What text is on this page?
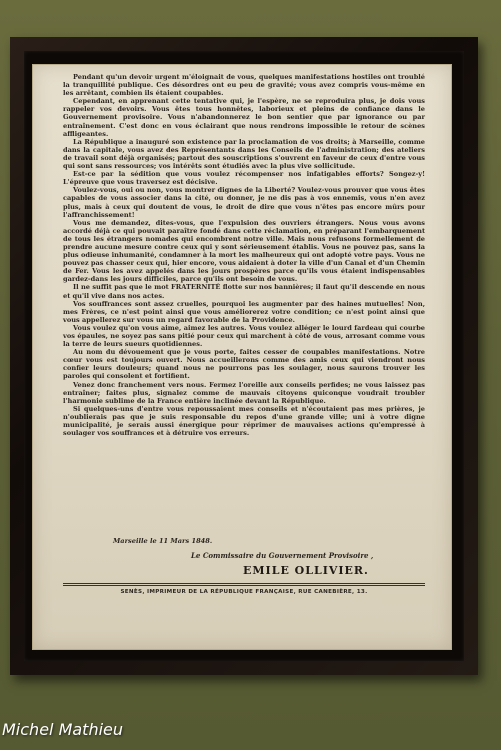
Pendant qu'un devoir urgent m'éloignait de vous, quelques manifestations hostiles ont troublé la tranquillité publique. Ces désordres ont eu peu de gravité; vous avez compris vous-même en les arrêtant, combien ils étaient coupables.

Cependant, en apprenant cette tentative qui, je l'espère, ne se reproduira plus, je dois vous rappeler vos devoirs. Vous êtes tous honnêtes, laborieux et pleins de confiance dans le Gouvernement provisoire. Vous n'abandonnerez le bon sentier que par ignorance ou par entraînement. C'est donc en vous éclairant que nous rendrons impossible le retour de scènes affligeantes.

La République a inauguré son existence par la proclamation de vos droits; à Marseille, comme dans la capitale, vous avez des Représentants dans les Conseils de l'administration; des ateliers de travail sont déjà organisés; partout des souscriptions s'ouvrent en faveur de ceux d'entre vous qui sont sans ressources; vos intérêts sont étudiés avec la plus vive sollicitude.

Est-ce par la sédition que vous voulez récompenser nos infatigables efforts? Songez-y! L'épreuve que vous traversez est décisive.

Voulez-vous, oui ou non, vous montrer dignes de la Liberté? Voulez-vous prouver que vous êtes capables de vous associer dans la cité, ou donner, je ne dis pas à vos ennemis, vous n'en avez plus, mais à ceux qui doutent de vous, le droit de dire que vous n'êtes pas encore mûrs pour l'affranchissement!

Vous me demandez, dites-vous, que l'expulsion des ouvriers étrangers. Nous vous avons accordé déjà ce qui pouvait paraître fondé dans cette réclamation, en préparant l'embarquement de tous les étrangers nomades qui encombrent notre ville. Mais nous refusons formellement de prendre aucune mesure contre ceux qui y sont sérieusement établis. Vous ne pouvez pas, sans la plus odieuse inhumanité, condamner à la mort les malheureux qui ont adopté votre pays. Vous ne pouvez pas chasser ceux qui, hier encore, vous aidaient à doter la ville d'un Canal et d'un Chemin de Fer. Vous les avez appelés dans les jours prospères parce qu'ils vous étaient indispensables gardez-dans les jours difficiles, parce qu'ils ont besoin de vous.

Il ne suffit pas que le mot FRATERNITÉ flotte sur nos bannières; il faut qu'il descende en nous et qu'il vive dans nos actes.

Vos souffrances sont assez cruelles, pourquoi les augmenter par des haines mutuelles! Non, mes Frères, ce n'est point ainsi que vous améliorerez votre condition; ce n'est point ainsi que vous appellerez sur vous un regard favorable de la Providence.

Vous voulez qu'on vous aime, aimez les autres. Vous voulez alléger le lourd fardeau qui courbe vos épaules, ne soyez pas sans pitié pour ceux qui marchent à côté de vous, arrosant comme vous la terre de leurs sueurs quotidiennes.

Au nom du dévouement que je vous porte, faites cesser de coupables manifestations. Notre cœur vous est toujours ouvert. Nous accueillerons comme des amis ceux qui viendront nous confier leurs douleurs; quand nous ne pourrons pas les soulager, nous saurons trouver les paroles qui consolent et fortifient.

Venez donc franchement vers nous. Fermez l'oreille aux conseils perfides; ne vous laissez pas entraîner; faites plus, signalez comme de mauvais citoyens quiconque voudrait troubler l'harmonie sublime de la France entière inclinée devant la République.

Si quelques-uns d'entre vous repoussaient mes conseils et n'écoutaient pas mes prières, je n'oublierais pas que je suis responsable du repos d'une grande ville; uni à votre digne municipalité, je serais aussi énergique pour réprimer de mauvaises actions qu'empressé à soulager vos souffrances et à détruire vos erreurs.

Marseille le 11 Mars 1848.
Le Commissaire du Gouvernement Provisoire ,
EMILE OLLIVIER.
SENÈS, IMPRIMEUR DE LA RÉPUBLIQUE FRANÇAISE, RUE CANEBIÈRE, 13.
Michel Mathieu
